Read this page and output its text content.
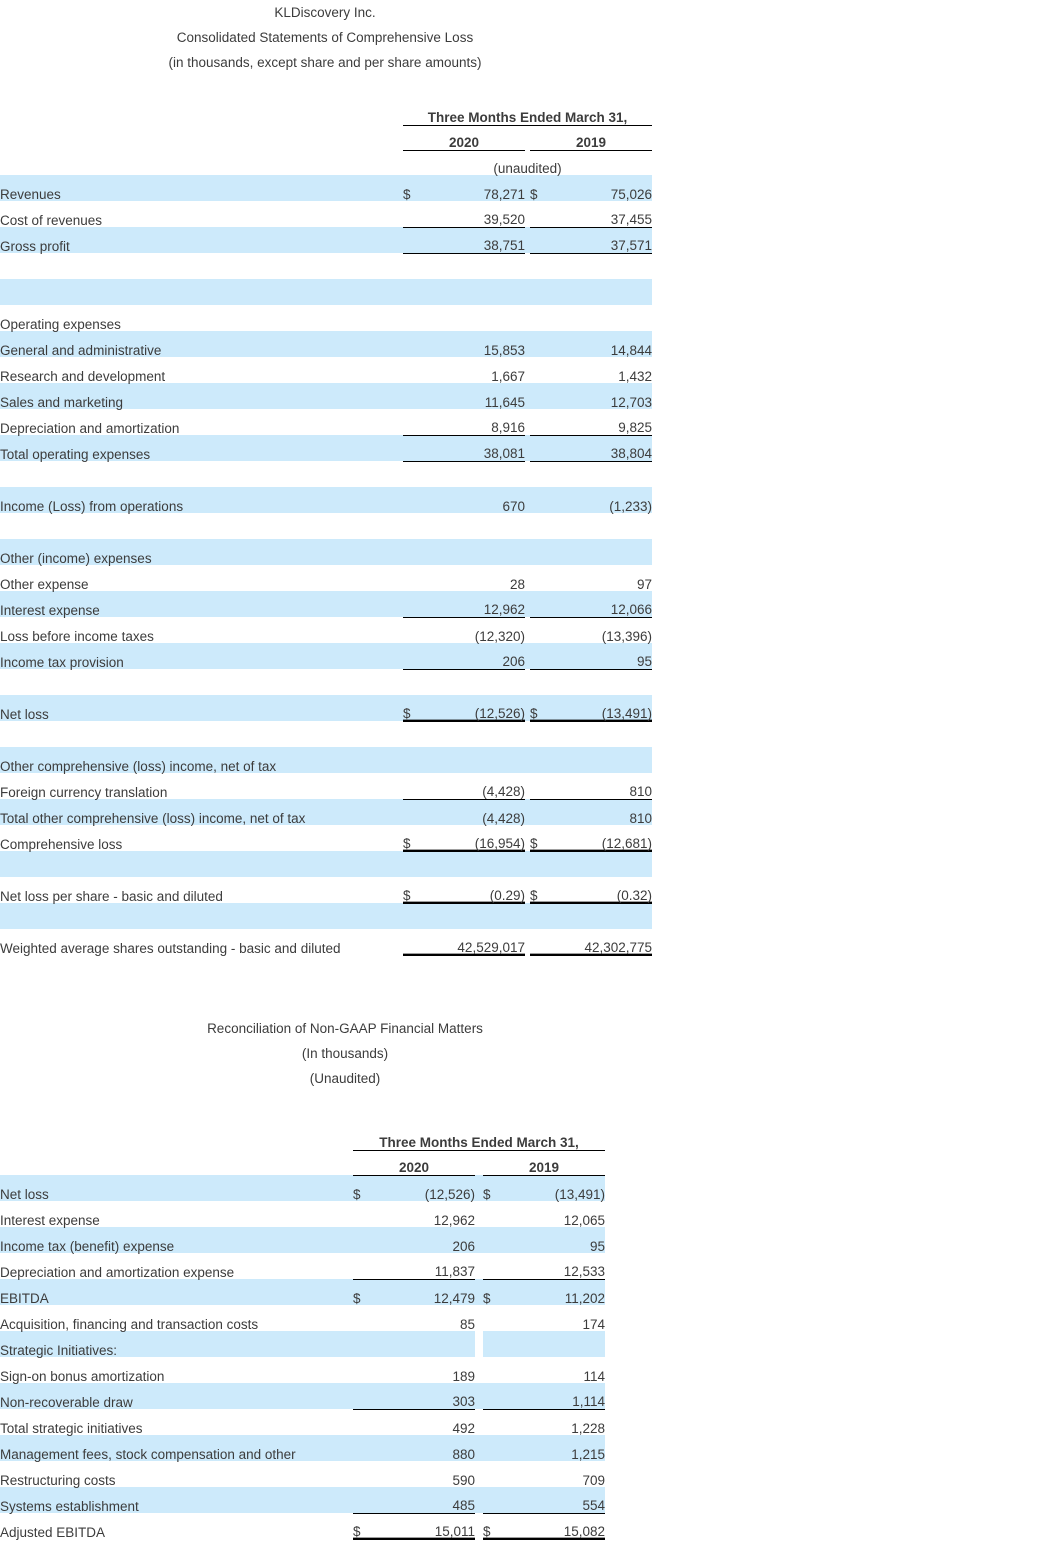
KLDiscovery Inc.
Consolidated Statements of Comprehensive Loss
(in thousands, except share and per share amounts)
	Three Months Ended March 31,				
	2020			2019	
	(unaudited)				
Revenues	$	78,271		$	75,026
Cost of revenues		39,520			37,455
Gross profit		38,751			37,571

Operating expenses					
General and administrative		15,853			14,844
Research and development		1,667			1,432
Sales and marketing		11,645			12,703
Depreciation and amortization		8,916			9,825
Total operating expenses		38,081			38,804

Income (Loss) from operations		670			(1,233)

Other (income) expenses					
Other expense		28			97
Interest expense		12,962			12,066
Loss before income taxes		(12,320)			(13,396)
Income tax provision		206			95

Net loss	$	(12,526)		$	(13,491)

Other comprehensive (loss) income, net of tax					
Foreign currency translation		(4,428)			810
Total other comprehensive (loss) income, net of tax		(4,428)			810
Comprehensive loss	$	(16,954)		$	(12,681)

Net loss per share - basic and diluted	$	(0.29)		$	(0.32)

Weighted average shares outstanding - basic and diluted		42,529,017			42,302,775
Reconciliation of Non-GAAP Financial Matters
(In thousands)
(Unaudited)
	Three Months Ended March 31,				
	2020			2019	
Net loss	$	(12,526)		$	(13,491)
Interest expense		12,962			12,065
Income tax (benefit) expense		206			95
Depreciation and amortization expense		11,837			12,533
EBITDA	$	12,479		$	11,202
Acquisition, financing and transaction costs		85			174
Strategic Initiatives:					
Sign-on bonus amortization		189			114
Non-recoverable draw		303			1,114
Total strategic initiatives		492			1,228
Management fees, stock compensation and other		880			1,215
Restructuring costs		590			709
Systems establishment		485			554
Adjusted EBITDA	$	15,011		$	15,082
